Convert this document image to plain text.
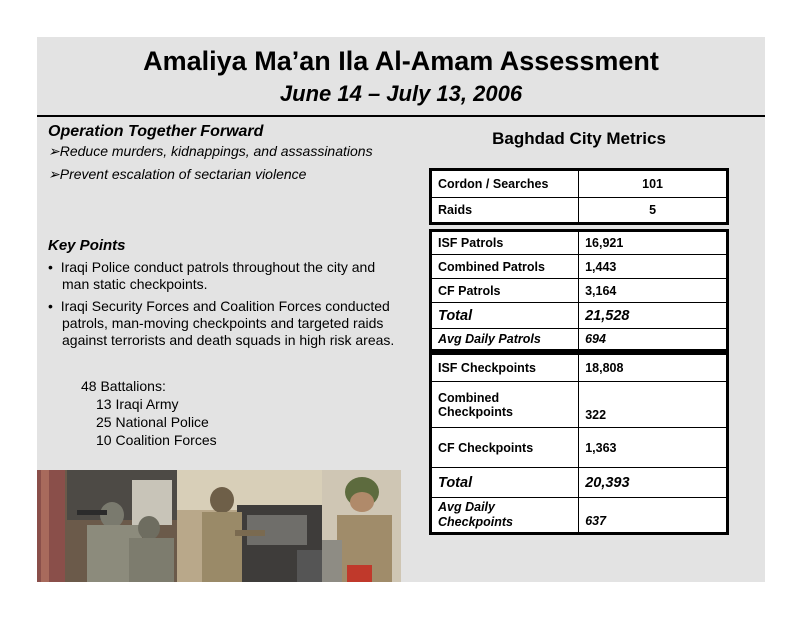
Amaliya Ma’an Ila Al-Amam Assessment
June 14 – July 13, 2006
Operation Together Forward
➢Reduce murders, kidnappings, and assassinations
➢Prevent escalation of sectarian violence
Key Points
• Iraqi Police conduct patrols throughout the city and man static checkpoints.
• Iraqi Security Forces and Coalition Forces conducted patrols, man-moving checkpoints and targeted raids against terrorists and death squads in high risk areas.
48 Battalions:
13 Iraqi Army
25 National Police
10 Coalition Forces
Baghdad City Metrics
Cordon / Searches	101
Raids	5
ISF Patrols	16,921
Combined Patrols	1,443
CF Patrols	3,164
Total	21,528
Avg Daily Patrols	694
ISF Checkpoints	18,808
Combined Checkpoints	322
CF Checkpoints	1,363
Total	20,393
Avg Daily Checkpoints	637
